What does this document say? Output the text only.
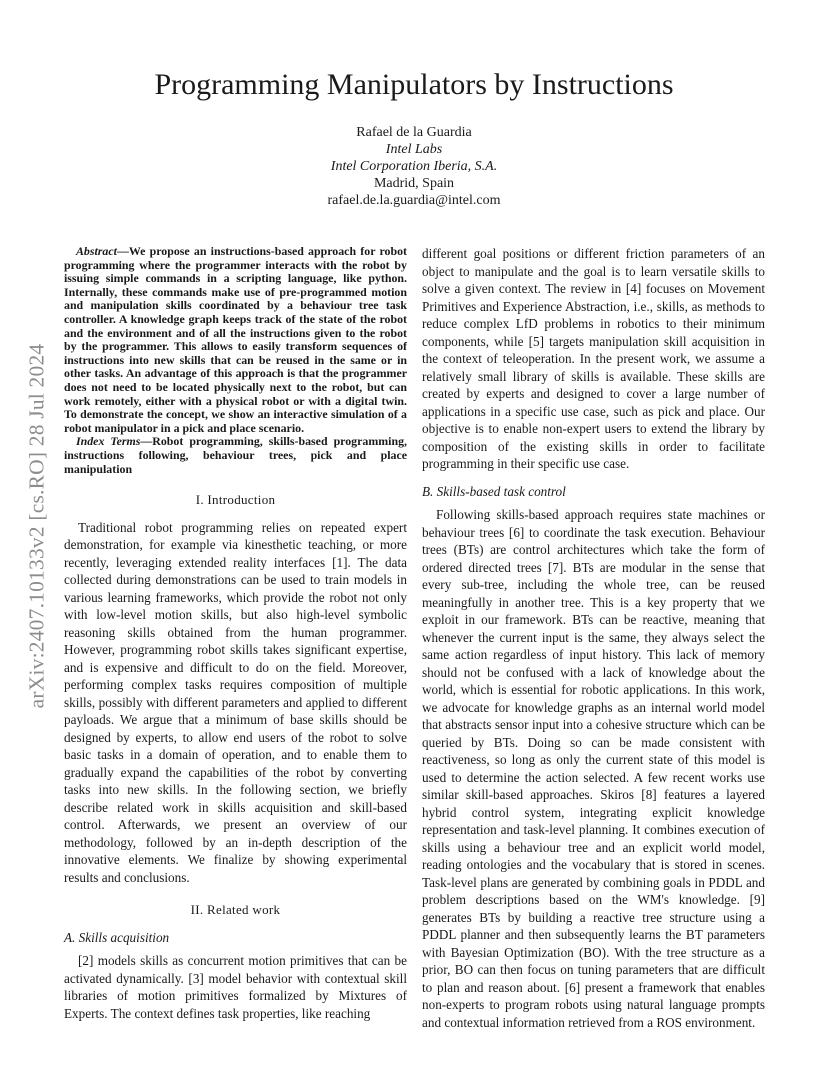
arXiv:2407.10133v2 [cs.RO] 28 Jul 2024
Programming Manipulators by Instructions
Rafael de la Guardia
Intel Labs
Intel Corporation Iberia, S.A.
Madrid, Spain
rafael.de.la.guardia@intel.com

Abstract—We propose an instructions-based approach for robot programming where the programmer interacts with the robot by issuing simple commands in a scripting language, like python. Internally, these commands make use of pre-programmed motion and manipulation skills coordinated by a behaviour tree task controller. A knowledge graph keeps track of the state of the robot and the environment and of all the instructions given to the robot by the programmer. This allows to easily transform sequences of instructions into new skills that can be reused in the same or in other tasks. An advantage of this approach is that the programmer does not need to be located physically next to the robot, but can work remotely, either with a physical robot or with a digital twin. To demonstrate the concept, we show an interactive simulation of a robot manipulator in a pick and place scenario.

Index Terms—Robot programming, skills-based programming, instructions following, behaviour trees, pick and place manipulation

I. Introduction

Traditional robot programming relies on repeated expert demonstration, for example via kinesthetic teaching, or more recently, leveraging extended reality interfaces [1]. The data collected during demonstrations can be used to train models in various learning frameworks, which provide the robot not only with low-level motion skills, but also high-level symbolic reasoning skills obtained from the human programmer. However, programming robot skills takes significant expertise, and is expensive and difficult to do on the field. Moreover, performing complex tasks requires composition of multiple skills, possibly with different parameters and applied to different payloads. We argue that a minimum of base skills should be designed by experts, to allow end users of the robot to solve basic tasks in a domain of operation, and to enable them to gradually expand the capabilities of the robot by converting tasks into new skills. In the following section, we briefly describe related work in skills acquisition and skill-based control. Afterwards, we present an overview of our methodology, followed by an in-depth description of the innovative elements. We finalize by showing experimental results and conclusions.

II. Related work
A. Skills acquisition

[2] models skills as concurrent motion primitives that can be activated dynamically. [3] model behavior with contextual skill libraries of motion primitives formalized by Mixtures of Experts. The context defines task properties, like reaching

different goal positions or different friction parameters of an object to manipulate and the goal is to learn versatile skills to solve a given context. The review in [4] focuses on Movement Primitives and Experience Abstraction, i.e., skills, as methods to reduce complex LfD problems in robotics to their minimum components, while [5] targets manipulation skill acquisition in the context of teleoperation. In the present work, we assume a relatively small library of skills is available. These skills are created by experts and designed to cover a large number of applications in a specific use case, such as pick and place. Our objective is to enable non-expert users to extend the library by composition of the existing skills in order to facilitate programming in their specific use case.

B. Skills-based task control

Following skills-based approach requires state machines or behaviour trees [6] to coordinate the task execution. Behaviour trees (BTs) are control architectures which take the form of ordered directed trees [7]. BTs are modular in the sense that every sub-tree, including the whole tree, can be reused meaningfully in another tree. This is a key property that we exploit in our framework. BTs can be reactive, meaning that whenever the current input is the same, they always select the same action regardless of input history. This lack of memory should not be confused with a lack of knowledge about the world, which is essential for robotic applications. In this work, we advocate for knowledge graphs as an internal world model that abstracts sensor input into a cohesive structure which can be queried by BTs. Doing so can be made consistent with reactiveness, so long as only the current state of this model is used to determine the action selected. A few recent works use similar skill-based approaches. Skiros [8] features a layered hybrid control system, integrating explicit knowledge representation and task-level planning. It combines execution of skills using a behaviour tree and an explicit world model, reading ontologies and the vocabulary that is stored in scenes. Task-level plans are generated by combining goals in PDDL and problem descriptions based on the WM's knowledge. [9] generates BTs by building a reactive tree structure using a PDDL planner and then subsequently learns the BT parameters with Bayesian Optimization (BO). With the tree structure as a prior, BO can then focus on tuning parameters that are difficult to plan and reason about. [6] present a framework that enables non-experts to program robots using natural language prompts and contextual information retrieved from a ROS environment.
